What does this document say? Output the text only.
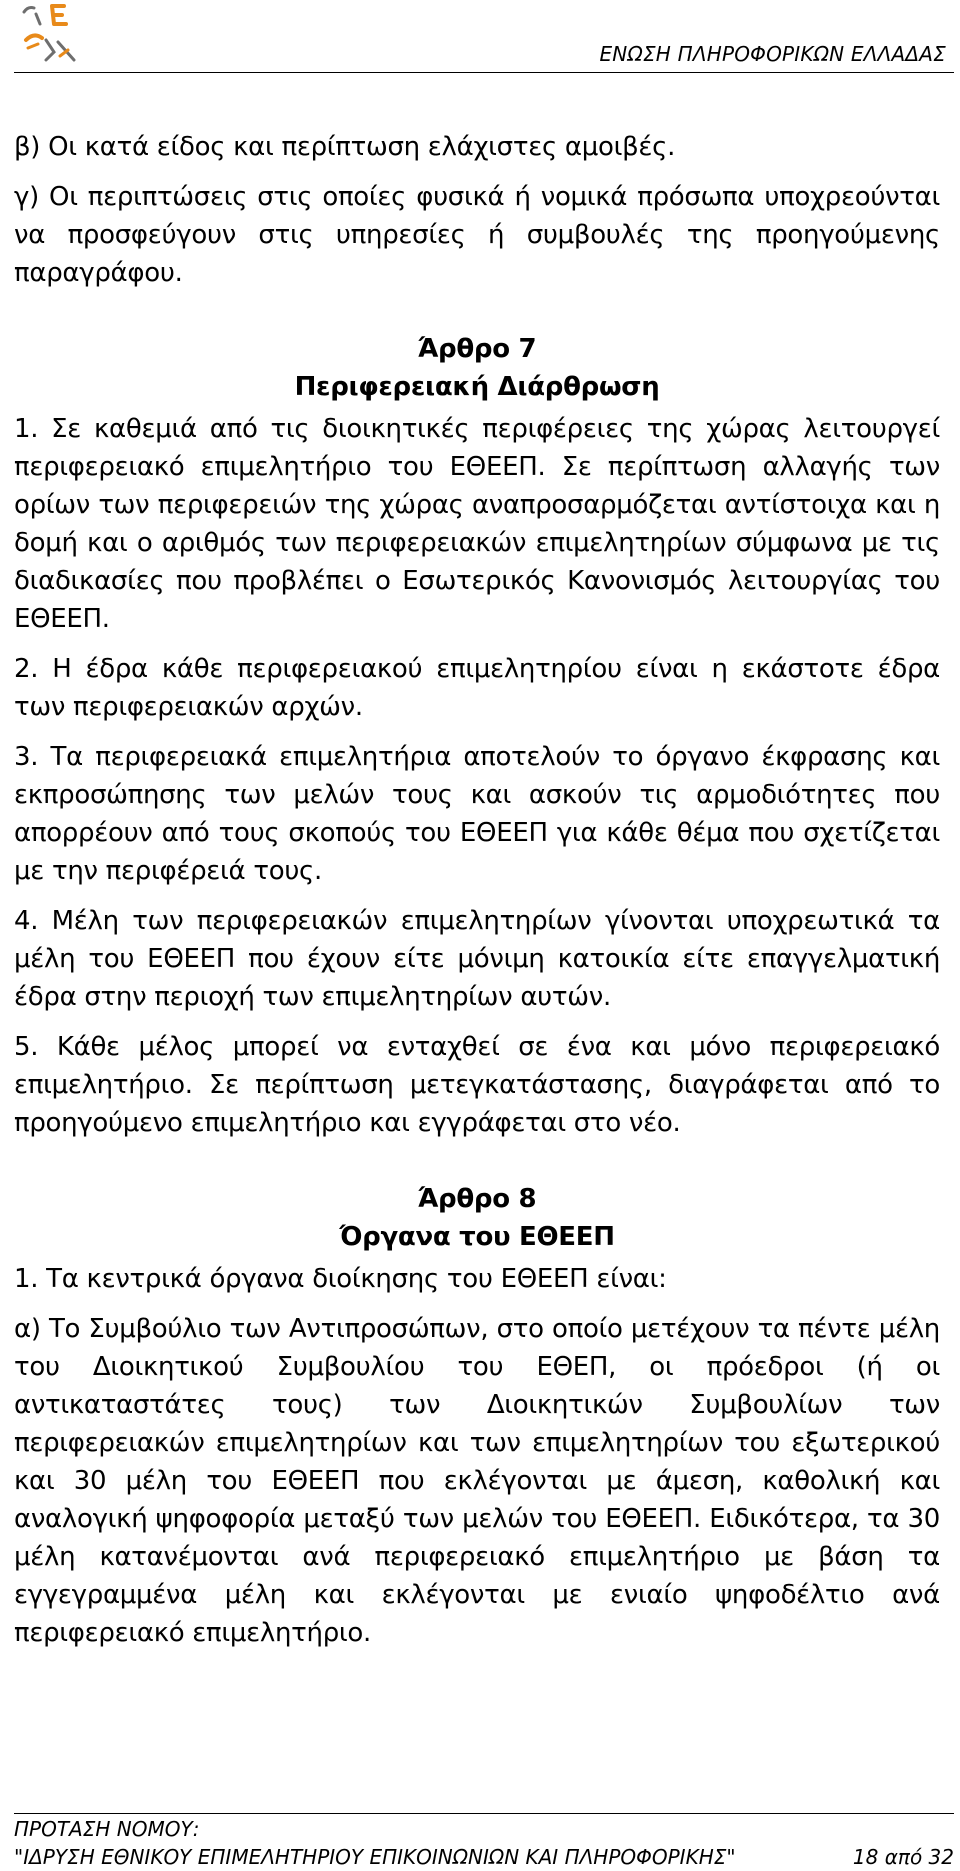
ΕΝΩΣΗ ΠΛΗΡΟΦΟΡΙΚΩΝ ΕΛΛΑΔΑΣ

β) Οι κατά είδος και περίπτωση ελάχιστες αμοιβές.

γ) Οι περιπτώσεις στις οποίες φυσικά ή νομικά πρόσωπα υποχρεούνται να προσφεύγουν στις υπηρεσίες ή συμβουλές της προηγούμενης παραγράφου.

Άρθρο 7
Περιφερειακή Διάρθρωση

1. Σε καθεμιά από τις διοικητικές περιφέρειες της χώρας λειτουργεί περιφερειακό επιμελητήριο του ΕΘΕΕΠ. Σε περίπτωση αλλαγής των ορίων των περιφερειών της χώρας αναπροσαρμόζεται αντίστοιχα και η δομή και ο αριθμός των περιφερειακών επιμελητηρίων σύμφωνα με τις διαδικασίες που προβλέπει ο Εσωτερικός Κανονισμός λειτουργίας του ΕΘΕΕΠ.

2. Η έδρα κάθε περιφερειακού επιμελητηρίου είναι η εκάστοτε έδρα των περιφερειακών αρχών.

3. Τα περιφερειακά επιμελητήρια αποτελούν το όργανο έκφρασης και εκπροσώπησης των μελών τους και ασκούν τις αρμοδιότητες που απορρέουν από τους σκοπούς του ΕΘΕΕΠ για κάθε θέμα που σχετίζεται με την περιφέρειά τους.

4. Μέλη των περιφερειακών επιμελητηρίων γίνονται υποχρεωτικά τα μέλη του ΕΘΕΕΠ που έχουν είτε μόνιμη κατοικία είτε επαγγελματική έδρα στην περιοχή των επιμελητηρίων αυτών.

5. Κάθε μέλος μπορεί να ενταχθεί σε ένα και μόνο περιφερειακό επιμελητήριο. Σε περίπτωση μετεγκατάστασης, διαγράφεται από το προηγούμενο επιμελητήριο και εγγράφεται στο νέο.

Άρθρο 8
Όργανα του ΕΘΕΕΠ

1. Τα κεντρικά όργανα διοίκησης του ΕΘΕΕΠ είναι:

α) Το Συμβούλιο των Αντιπροσώπων, στο οποίο μετέχουν τα πέντε μέλη του Διοικητικού Συμβουλίου του ΕΘΕΠ, οι πρόεδροι (ή οι αντικαταστάτες τους) των Διοικητικών Συμβουλίων των περιφερειακών επιμελητηρίων και των επιμελητηρίων του εξωτερικού και 30 μέλη του ΕΘΕΕΠ που εκλέγονται με άμεση, καθολική και αναλογική ψηφοφορία μεταξύ των μελών του ΕΘΕΕΠ. Ειδικότερα, τα 30 μέλη κατανέμονται ανά περιφερειακό επιμελητήριο με βάση τα εγγεγραμμένα μέλη και εκλέγονται με ενιαίο ψηφοδέλτιο ανά περιφερειακό επιμελητήριο.

ΠΡΟΤΑΣΗ ΝΟΜΟΥ:
"ΙΔΡΥΣΗ ΕΘΝΙΚΟΥ ΕΠΙΜΕΛΗΤΗΡΙΟΥ ΕΠΙΚΟΙΝΩΝΙΩΝ ΚΑΙ ΠΛΗΡΟΦΟΡΙΚΗΣ"	18 από 32
